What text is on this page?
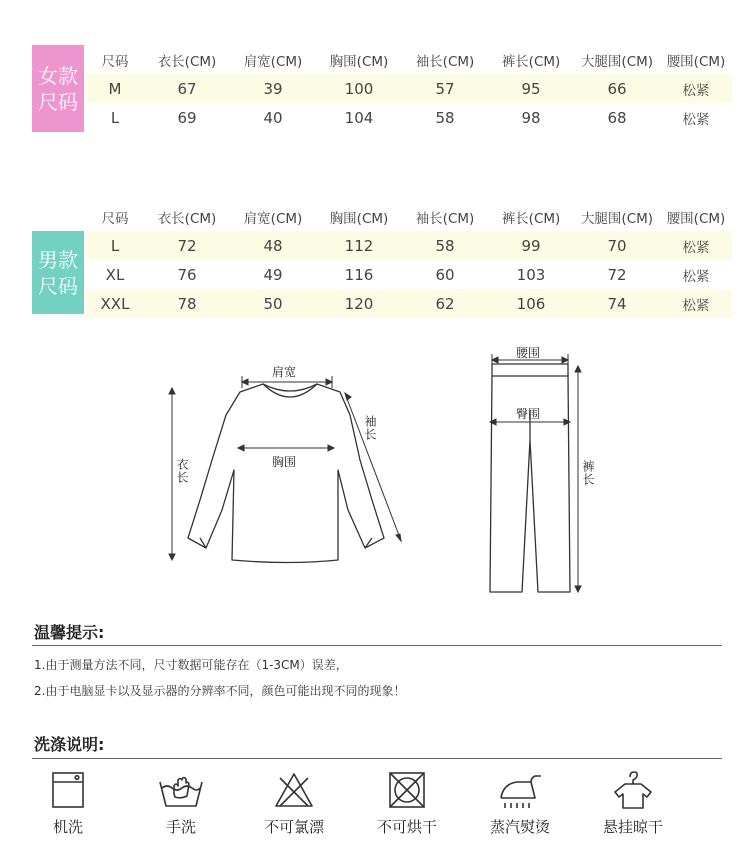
女款
尺码
尺码	衣长(CM)	肩宽(CM)	胸围(CM)	袖长(CM)	裤长(CM)	大腿围(CM)	腰围(CM)
M	67	39	100	57	95	66	松紧
L	69	40	104	58	98	68	松紧
男款
尺码
尺码	衣长(CM)	肩宽(CM)	胸围(CM)	袖长(CM)	裤长(CM)	大腿围(CM)	腰围(CM)
L	72	48	112	58	99	70	松紧
XL	76	49	116	60	103	72	松紧
XXL	78	50	120	62	106	74	松紧
肩宽
胸围
袖长
衣长
腰围
臀围
裤长
温馨提示:
1.由于测量方法不同，尺寸数据可能存在（1-3CM）误差，
2.由于电脑显卡以及显示器的分辨率不同，颜色可能出现不同的现象！
洗涤说明:
机洗	手洗	不可氯漂	不可烘干	蒸汽熨烫	悬挂晾干
